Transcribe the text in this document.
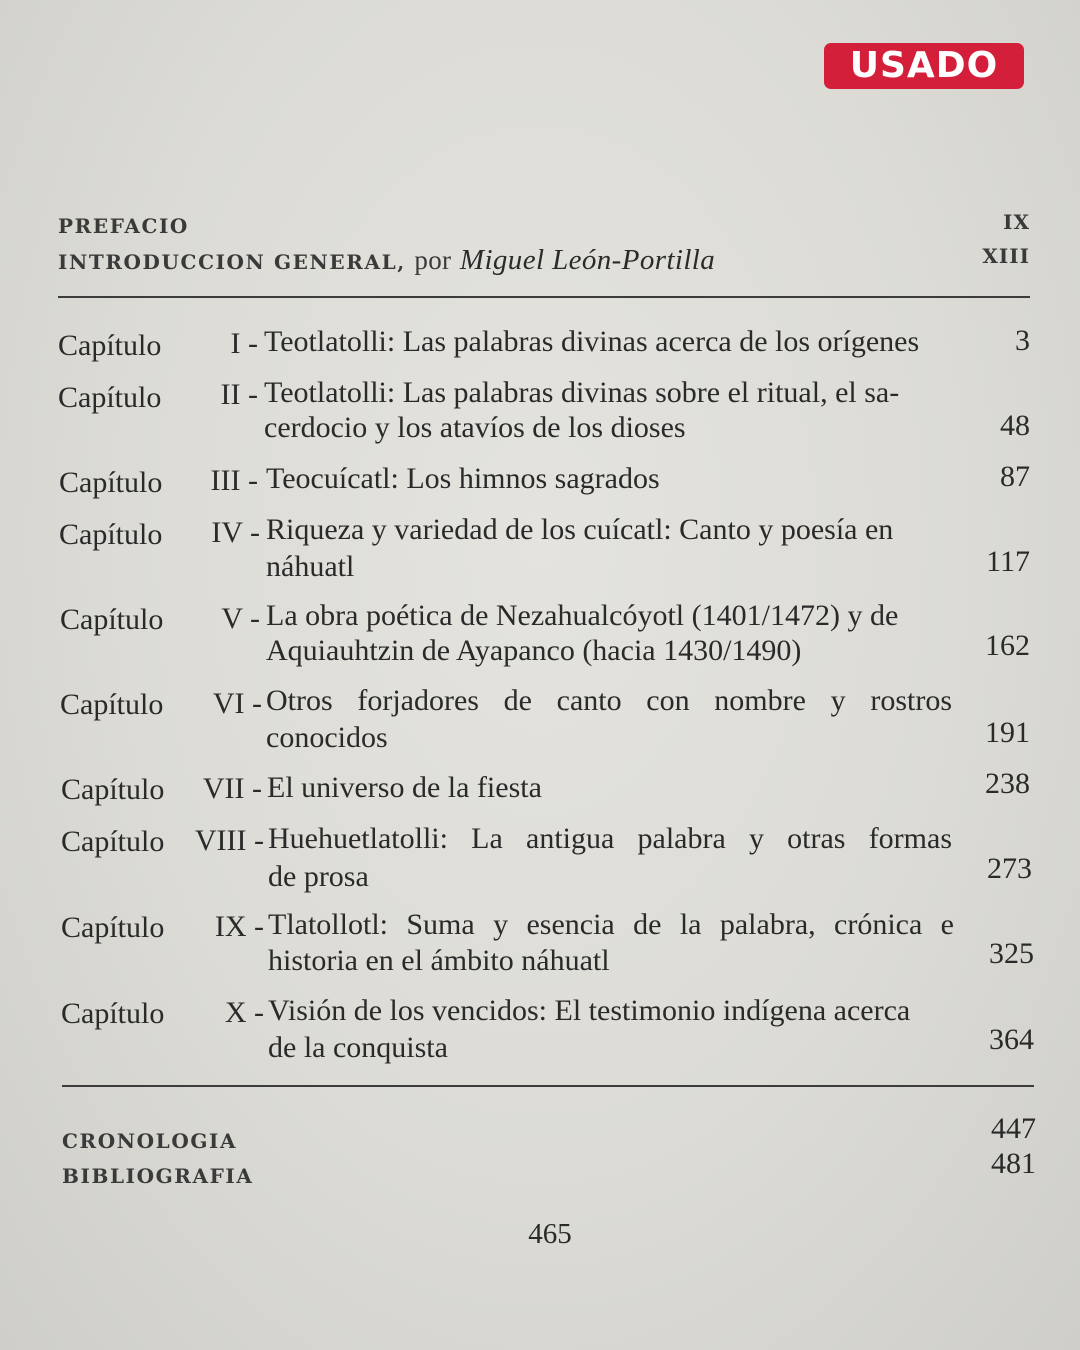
USADO
PREFACIO	IX
INTRODUCCION GENERAL, por Miguel León-Portilla	XIII
Capítulo	I - Teotlatolli: Las palabras divinas acerca de los orígenes	3
Capítulo	II - Teotlatolli: Las palabras divinas sobre el ritual, el sa-
cerdocio y los atavíos de los dioses	48
Capítulo	III - Teocuícatl: Los himnos sagrados	87
Capítulo	IV - Riqueza y variedad de los cuícatl: Canto y poesía en
náhuatl	117
Capítulo	V - La obra poética de Nezahualcóyotl (1401/1472) y de
Aquiauhtzin de Ayapanco (hacia 1430/1490)	162
Capítulo	VI - Otros forjadores de canto con nombre y rostros
conocidos	191
Capítulo	VII - El universo de la fiesta	238
Capítulo	VIII - Huehuetlatolli: La antigua palabra y otras formas
de prosa	273
Capítulo	IX - Tlatollotl: Suma y esencia de la palabra, crónica e
historia en el ámbito náhuatl	325
Capítulo	X - Visión de los vencidos: El testimonio indígena acerca
de la conquista	364
CRONOLOGIA	447
BIBLIOGRAFIA	481
465
